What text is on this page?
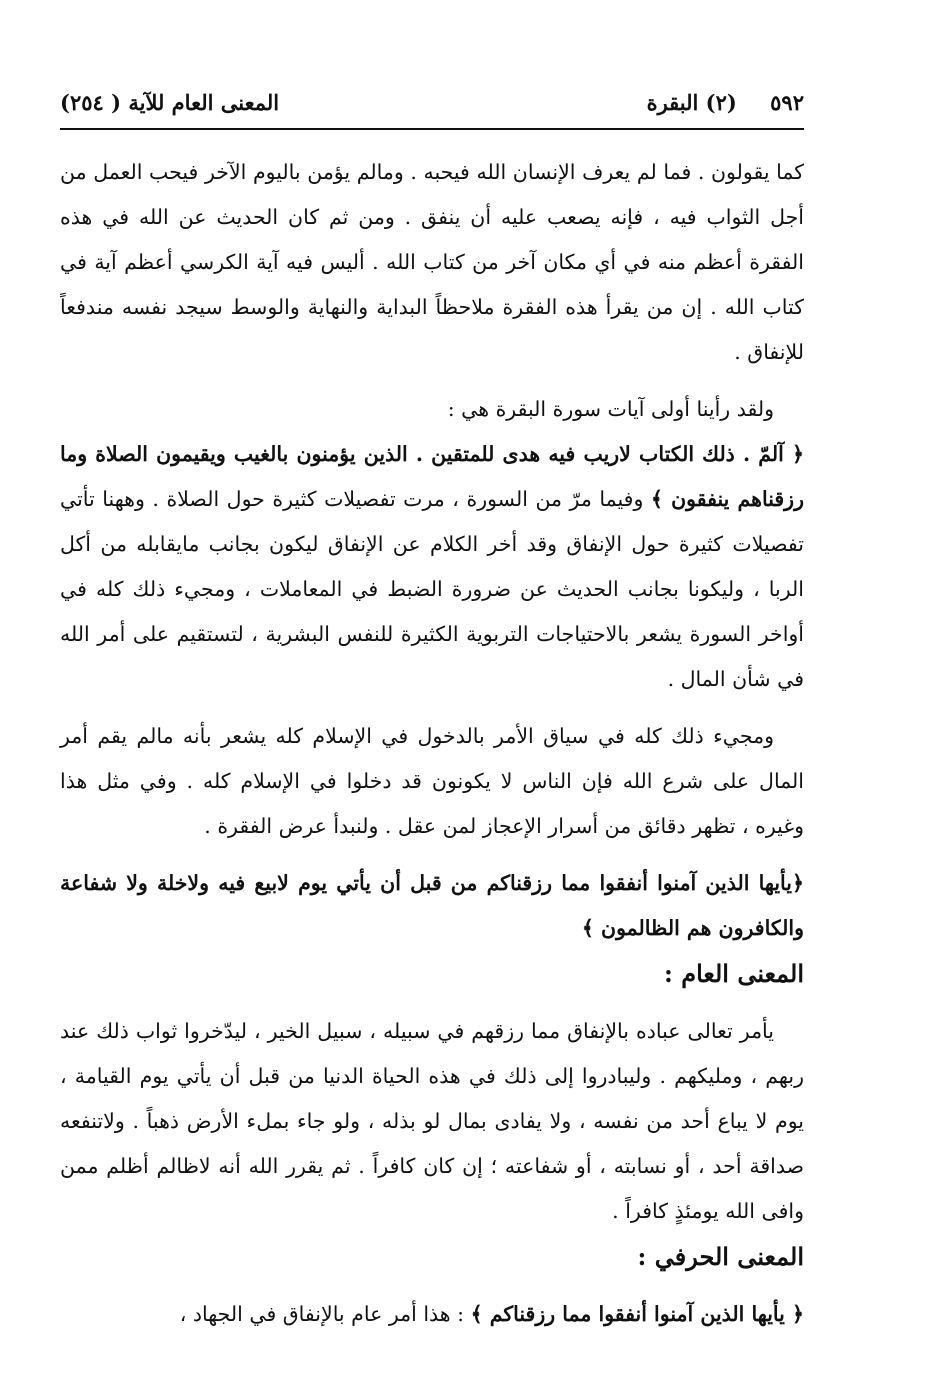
٥٩٢ (٢) البقرة
المعنى العام للآية ( ٢٥٤)

كما يقولون . فما لم يعرف الإنسان الله فيحبه . ومالم يؤمن باليوم الآخر فيحب العمل من أجل الثواب فيه ، فإنه يصعب عليه أن ينفق . ومن ثم كان الحديث عن الله في هذه الفقرة أعظم منه في أي مكان آخر من كتاب الله . أليس فيه آية الكرسي أعظم آية في كتاب الله . إن من يقرأ هذه الفقرة ملاحظاً البداية والنهاية والوسط سيجد نفسه مندفعاً للإنفاق .

ولقد رأينا أولى آيات سورة البقرة هي :

﴿ آلمّ . ذلك الكتاب لاريب فيه هدى للمتقين . الذين يؤمنون بالغيب ويقيمون الصلاة وما رزقناهم ينفقون ﴾ وفيما مرّ من السورة ، مرت تفصيلات كثيرة حول الصلاة . وههنا تأتي تفصيلات كثيرة حول الإنفاق وقد أخر الكلام عن الإنفاق ليكون بجانب مايقابله من أكل الربا ، وليكونا بجانب الحديث عن ضرورة الضبط في المعاملات ، ومجيء ذلك كله في أواخر السورة يشعر بالاحتياجات التربوية الكثيرة للنفس البشرية ، لتستقيم على أمر الله في شأن المال .

ومجيء ذلك كله في سياق الأمر بالدخول في الإسلام كله يشعر بأنه مالم يقم أمر المال على شرع الله فإن الناس لا يكونون قد دخلوا في الإسلام كله . وفي مثل هذا وغيره ، تظهر دقائق من أسرار الإعجاز لمن عقل . ولنبدأ عرض الفقرة .

﴿يأيها الذين آمنوا أنفقوا مما رزقناكم من قبل أن يأتي يوم لابيع فيه ولاخلة ولا شفاعة والكافرون هم الظالمون ﴾

المعنى العام :

يأمر تعالى عباده بالإنفاق مما رزقهم في سبيله ، سبيل الخير ، ليدّخروا ثواب ذلك عند ربهم ، ومليكهم . وليبادروا إلى ذلك في هذه الحياة الدنيا من قبل أن يأتي يوم القيامة ، يوم لا يباع أحد من نفسه ، ولا يفادى بمال لو بذله ، ولو جاء بملء الأرض ذهباً . ولاتنفعه صداقة أحد ، أو نسابته ، أو شفاعته ؛ إن كان كافراً . ثم يقرر الله أنه لاظالم أظلم ممن وافى الله يومئذٍ كافراً .

المعنى الحرفي :

﴿ يأيها الذين آمنوا أنفقوا مما رزقناكم ﴾ : هذا أمر عام بالإنفاق في الجهاد ،
